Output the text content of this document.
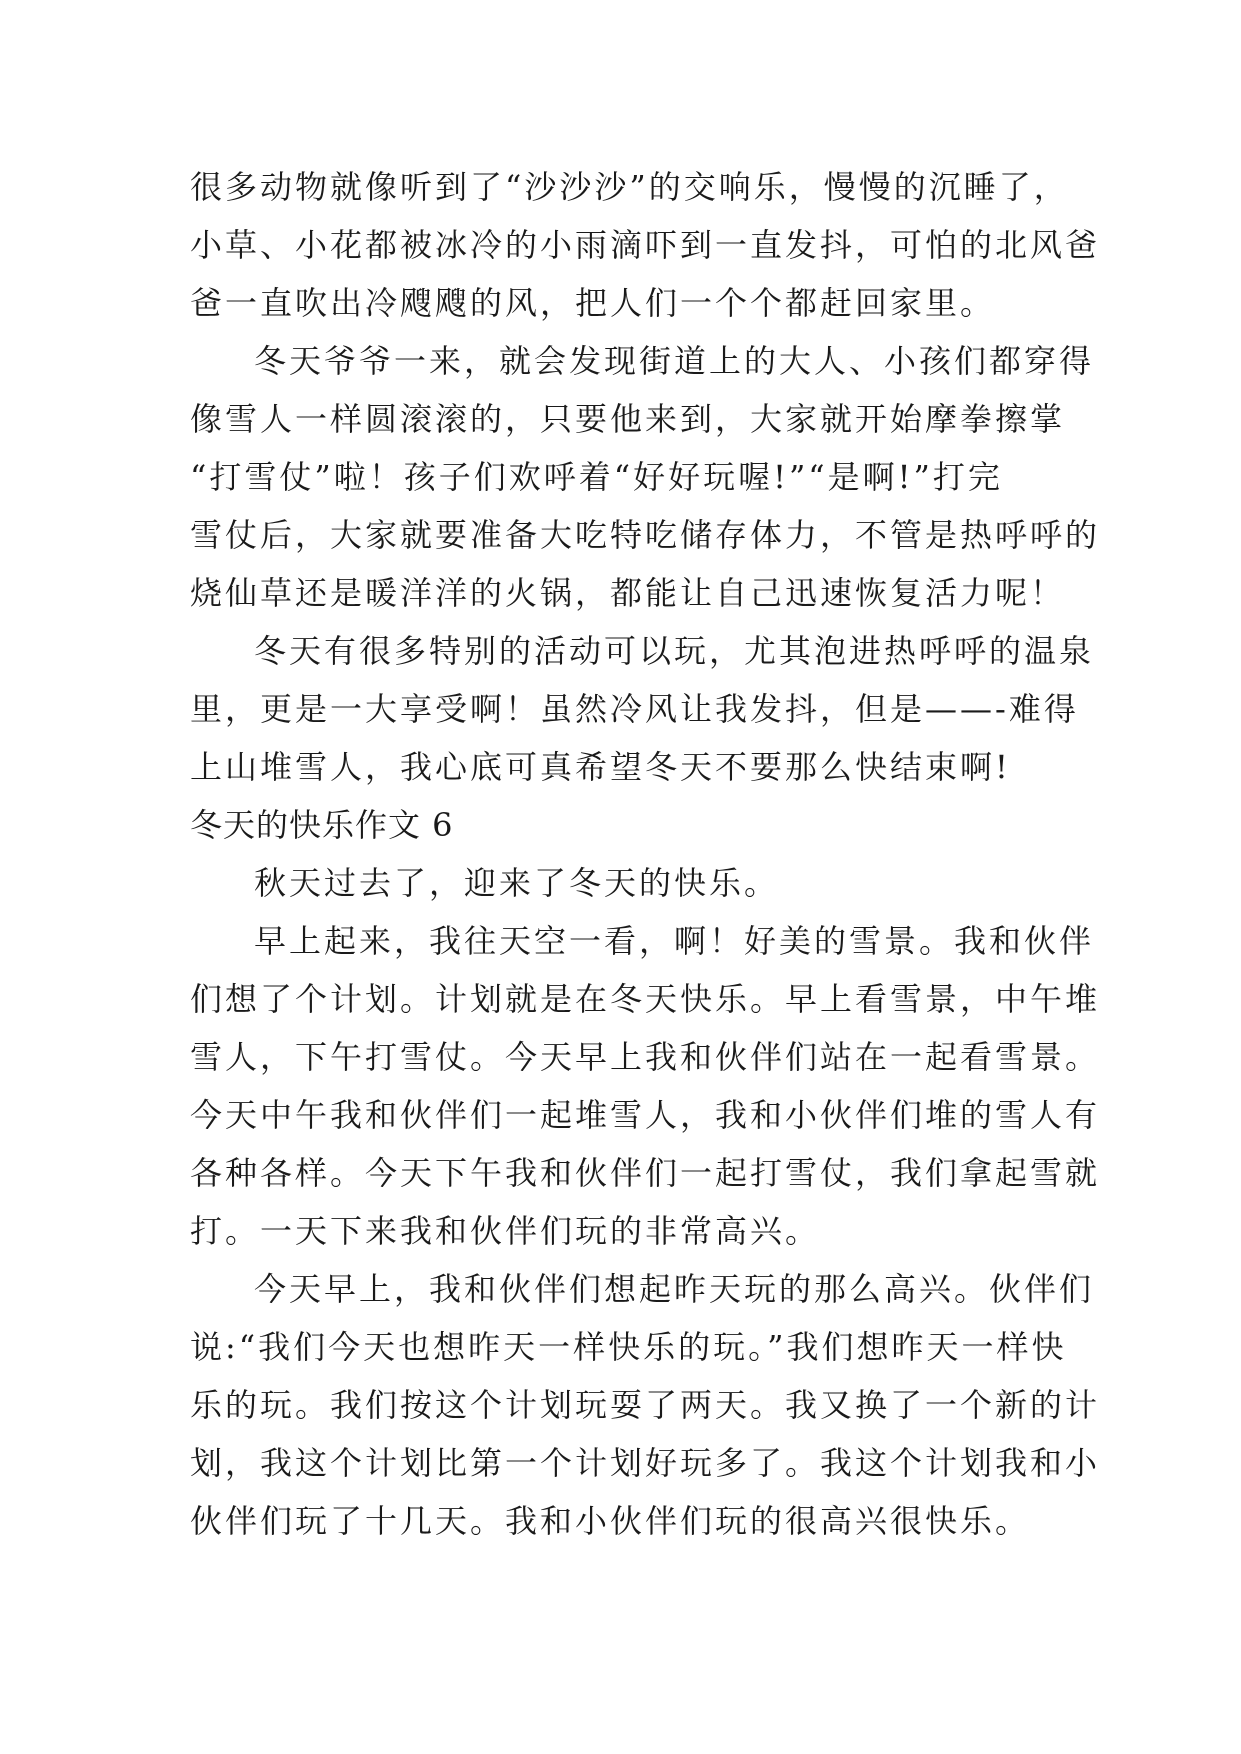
很多动物就像听到了“沙沙沙”的交响乐，慢慢的沉睡了，
小草、小花都被冰冷的小雨滴吓到一直发抖，可怕的北风爸
爸一直吹出冷飕飕的风，把人们一个个都赶回家里。
冬天爷爷一来，就会发现街道上的大人、小孩们都穿得
像雪人一样圆滚滚的，只要他来到，大家就开始摩拳擦掌
“打雪仗”啦！孩子们欢呼着“好好玩喔!”“是啊!”打完
雪仗后，大家就要准备大吃特吃储存体力，不管是热呼呼的
烧仙草还是暖洋洋的火锅，都能让自己迅速恢复活力呢！
冬天有很多特别的活动可以玩，尤其泡进热呼呼的温泉
里，更是一大享受啊！虽然冷风让我发抖，但是——-难得
上山堆雪人，我心底可真希望冬天不要那么快结束啊!
冬天的快乐作文 6
秋天过去了，迎来了冬天的快乐。
早上起来，我往天空一看，啊！好美的雪景。我和伙伴
们想了个计划。计划就是在冬天快乐。早上看雪景，中午堆
雪人，下午打雪仗。今天早上我和伙伴们站在一起看雪景。
今天中午我和伙伴们一起堆雪人，我和小伙伴们堆的雪人有
各种各样。今天下午我和伙伴们一起打雪仗，我们拿起雪就
打。一天下来我和伙伴们玩的非常高兴。
今天早上，我和伙伴们想起昨天玩的那么高兴。伙伴们
说:“我们今天也想昨天一样快乐的玩。”我们想昨天一样快
乐的玩。我们按这个计划玩耍了两天。我又换了一个新的计
划，我这个计划比第一个计划好玩多了。我这个计划我和小
伙伴们玩了十几天。我和小伙伴们玩的很高兴很快乐。
